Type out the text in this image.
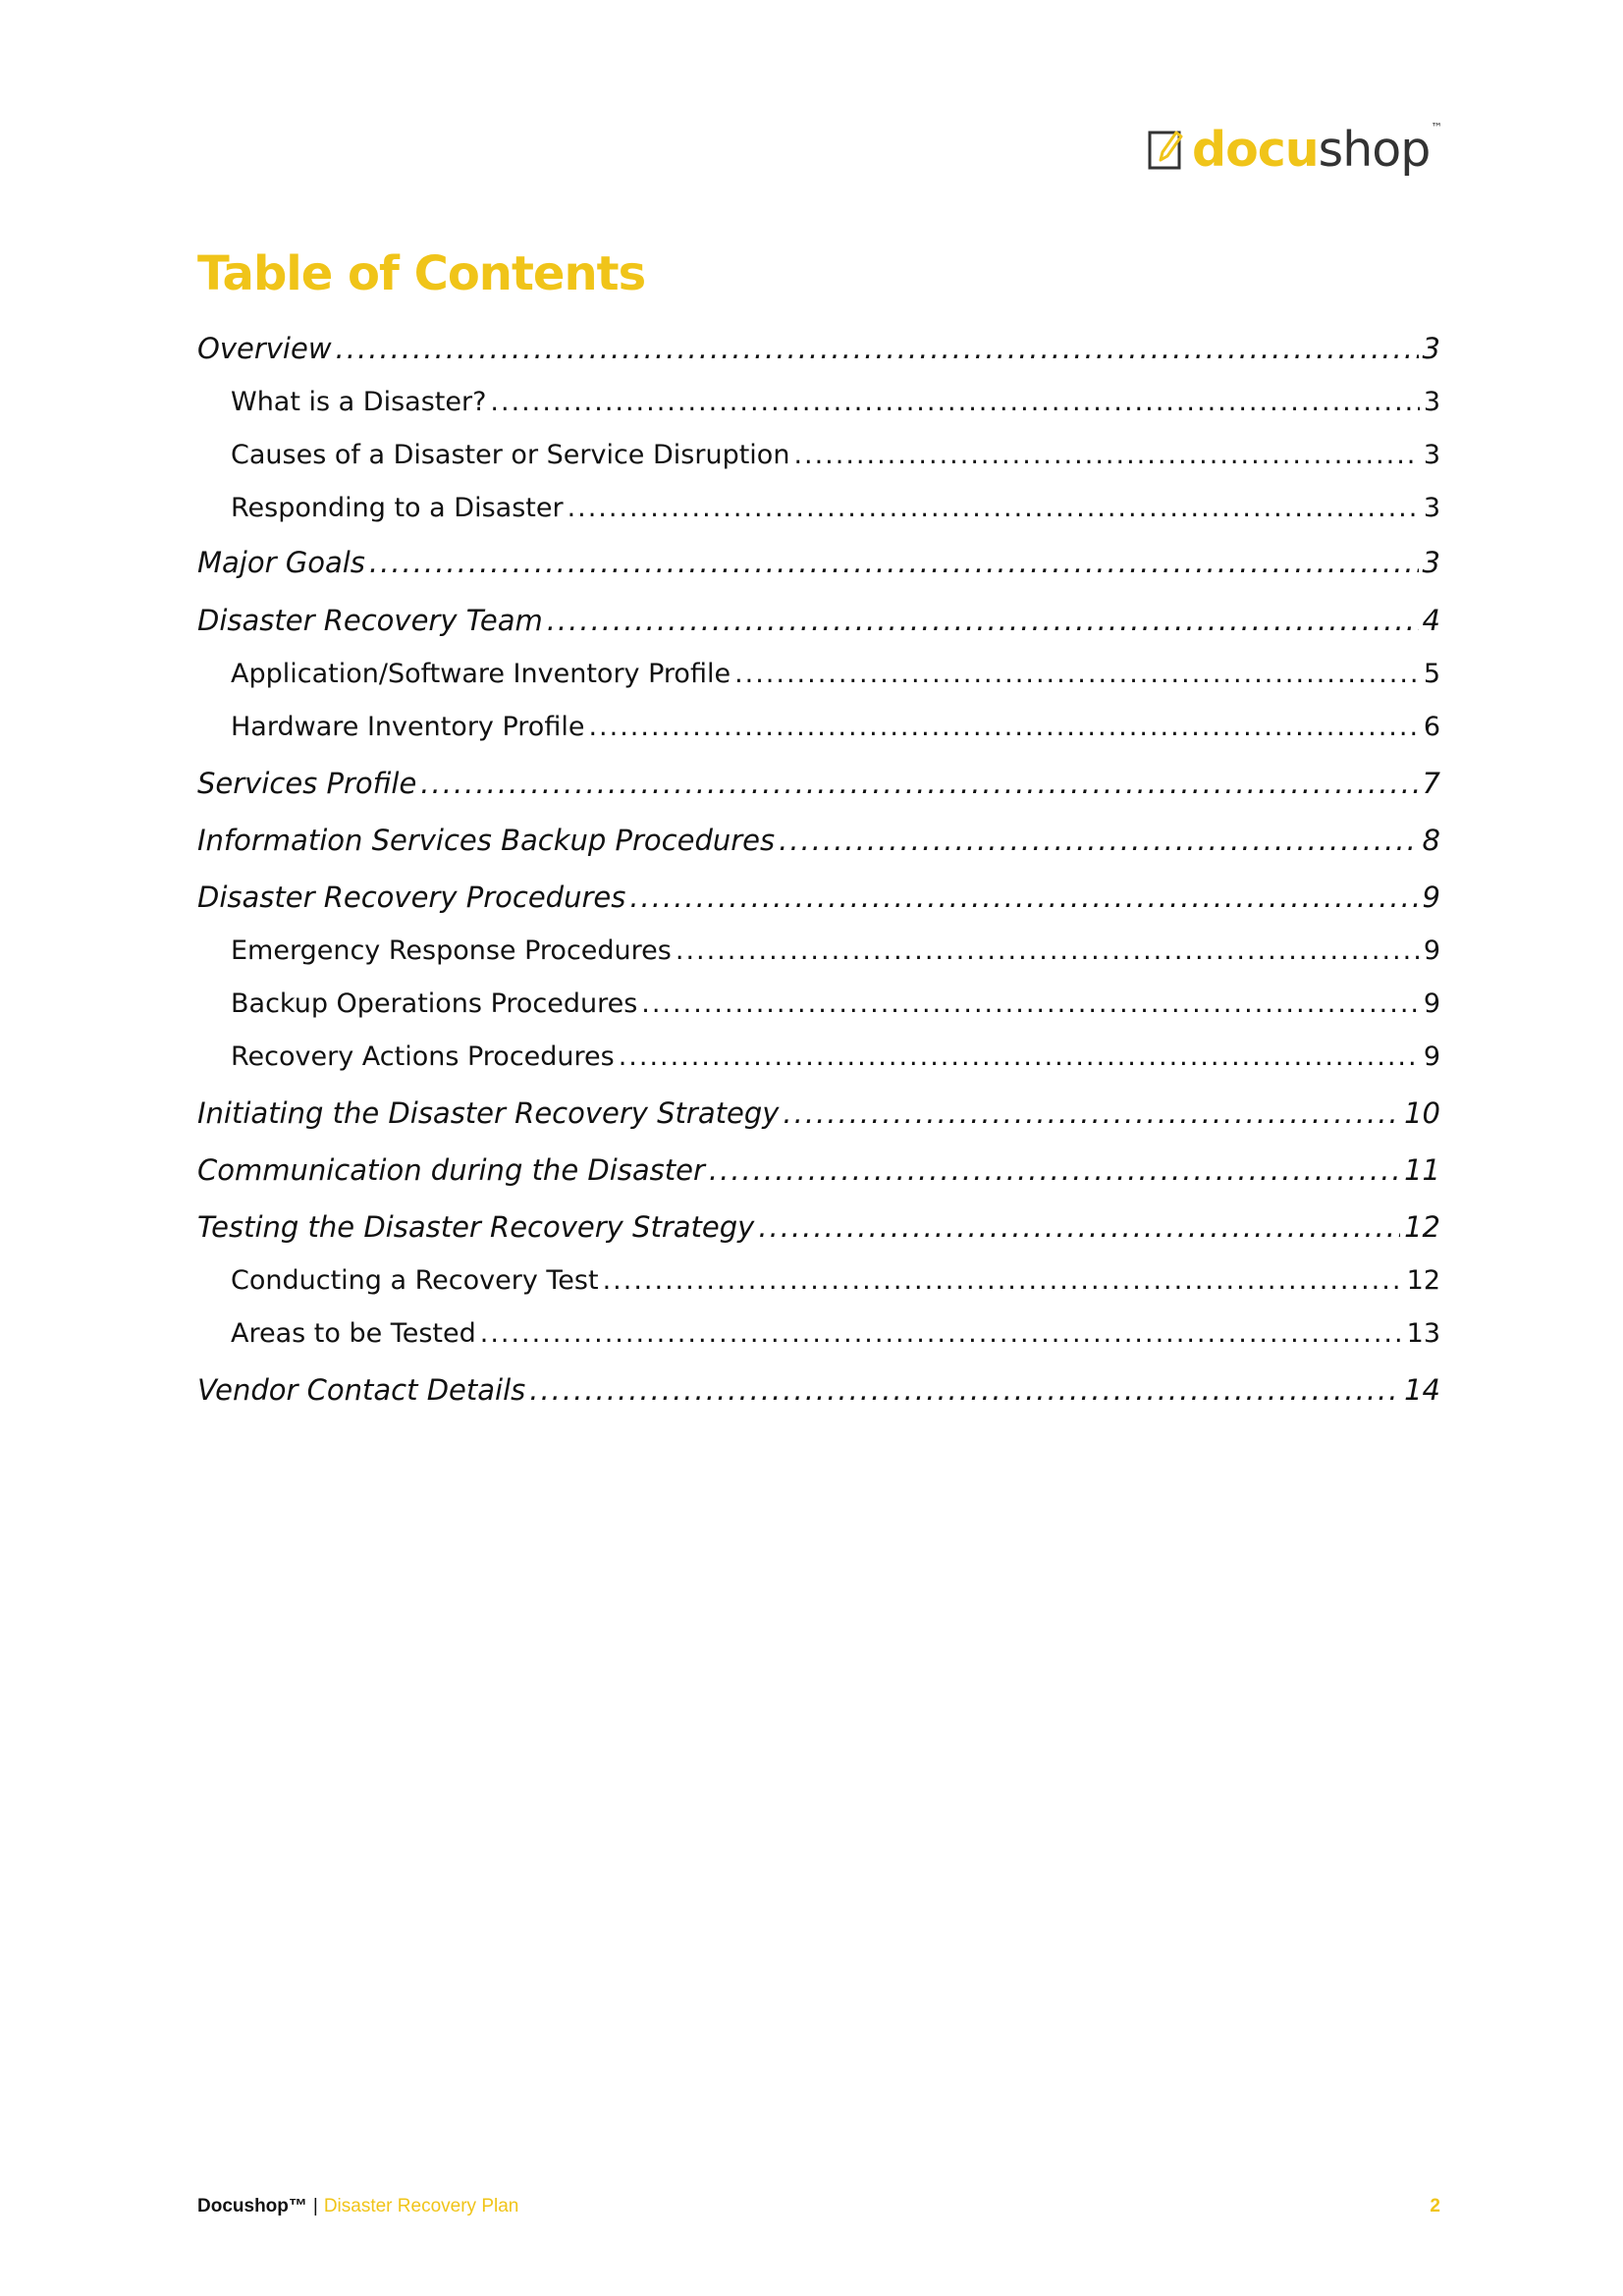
docushop™
Table of Contents
Overview .....	3
What is a Disaster? .....	3
Causes of a Disaster or Service Disruption .....	3
Responding to a Disaster .....	3
Major Goals .....	3
Disaster Recovery Team .....	4
Application/Software Inventory Profile .....	5
Hardware Inventory Profile .....	6
Services Profile .....	7
Information Services Backup Procedures .....	8
Disaster Recovery Procedures .....	9
Emergency Response Procedures .....	9
Backup Operations Procedures .....	9
Recovery Actions Procedures .....	9
Initiating the Disaster Recovery Strategy .....	10
Communication during the Disaster .....	11
Testing the Disaster Recovery Strategy .....	12
Conducting a Recovery Test .....	12
Areas to be Tested .....	13
Vendor Contact Details .....	14
Docushop™ | Disaster Recovery Plan	2
